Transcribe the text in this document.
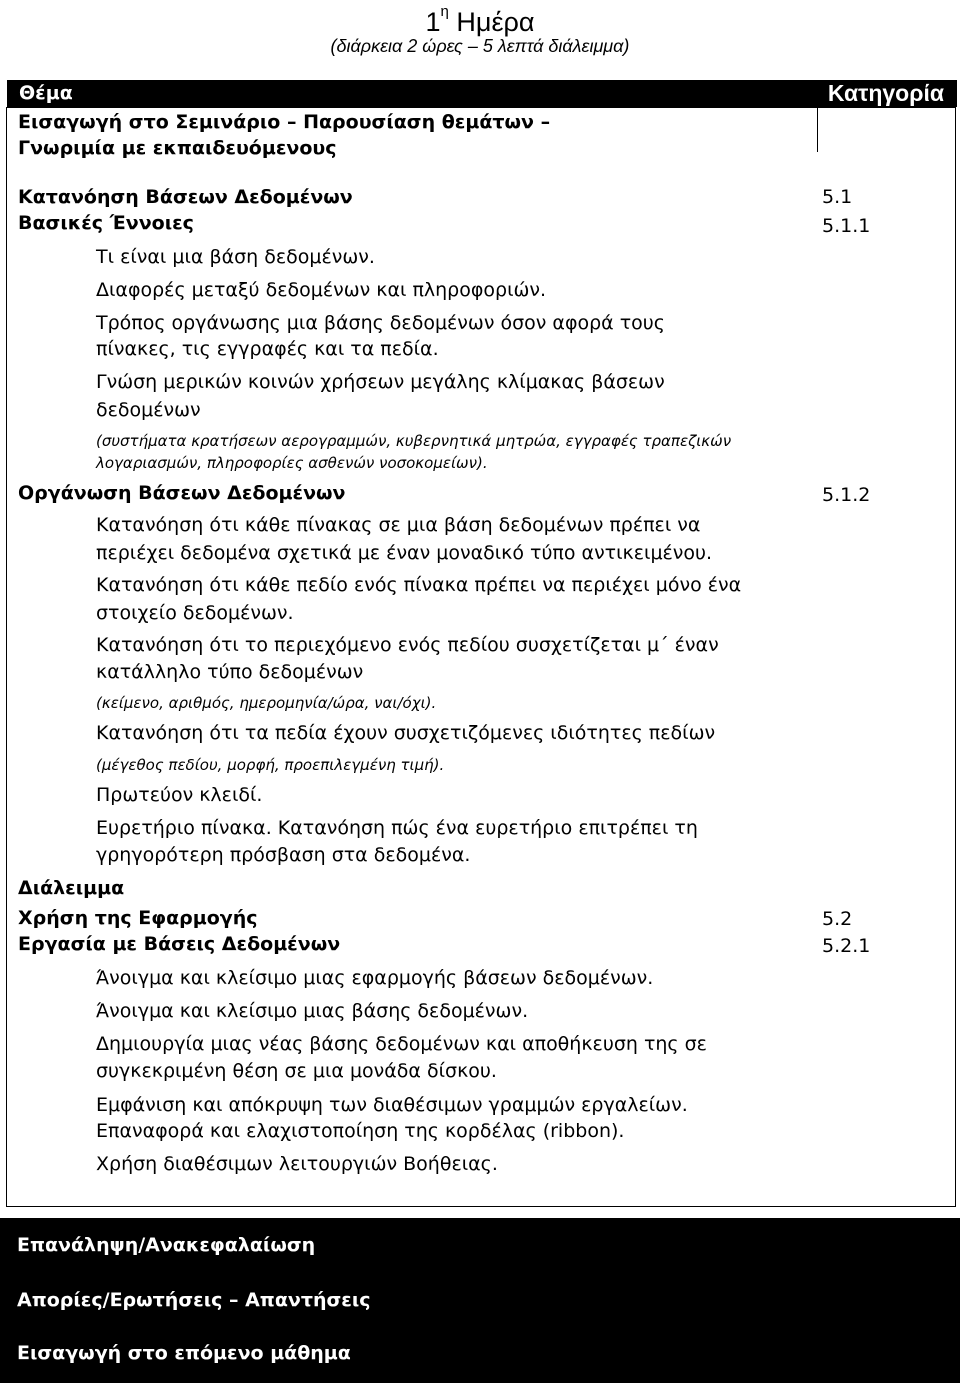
$1^\eta$ Ημέρα
(διάρκεια 2 ώρες – 5 λεπτά διάλειμμα)
Θέμα	Κατηγορία
Εισαγωγή στο Σεμινάριο – Παρουσίαση θεμάτων –
Γνωριμία με εκπαιδευόμενους
Κατανόηση Βάσεων Δεδομένων
Βασικές Έννοιες
5.1
5.1.1
Τι είναι μια βάση δεδομένων.
Διαφορές μεταξύ δεδομένων και πληροφοριών.
Τρόπος οργάνωσης μια βάσης δεδομένων όσον αφορά τους
πίνακες, τις εγγραφές και τα πεδία.
Γνώση μερικών κοινών χρήσεων μεγάλης κλίμακας βάσεων
δεδομένων
(συστήματα κρατήσεων αερογραμμών, κυβερνητικά μητρώα, εγγραφές τραπεζικών
λογαριασμών, πληροφορίες ασθενών νοσοκομείων).
Οργάνωση Βάσεων Δεδομένων	5.1.2
Κατανόηση ότι κάθε πίνακας σε μια βάση δεδομένων πρέπει να
περιέχει δεδομένα σχετικά με έναν μοναδικό τύπο αντικειμένου.
Κατανόηση ότι κάθε πεδίο ενός πίνακα πρέπει να περιέχει μόνο ένα
στοιχείο δεδομένων.
Κατανόηση ότι το περιεχόμενο ενός πεδίου συσχετίζεται μ΄ έναν
κατάλληλο τύπο δεδομένων
(κείμενο, αριθμός, ημερομηνία/ώρα, ναι/όχι).
Κατανόηση ότι τα πεδία έχουν συσχετιζόμενες ιδιότητες πεδίων
(μέγεθος πεδίου, μορφή, προεπιλεγμένη τιμή).
Πρωτεύον κλειδί.
Ευρετήριο πίνακα. Κατανόηση πώς ένα ευρετήριο επιτρέπει τη
γρηγορότερη πρόσβαση στα δεδομένα.
Διάλειμμα
Χρήση της Εφαρμογής
Εργασία με Βάσεις Δεδομένων
5.2
5.2.1
Άνοιγμα και κλείσιμο μιας εφαρμογής βάσεων δεδομένων.
Άνοιγμα και κλείσιμο μιας βάσης δεδομένων.
Δημιουργία μιας νέας βάσης δεδομένων και αποθήκευση της σε
συγκεκριμένη θέση σε μια μονάδα δίσκου.
Εμφάνιση και απόκρυψη των διαθέσιμων γραμμών εργαλείων.
Επαναφορά και ελαχιστοποίηση της κορδέλας (ribbon).
Χρήση διαθέσιμων λειτουργιών Βοήθειας.
Επανάληψη/Ανακεφαλαίωση
Απορίες/Ερωτήσεις – Απαντήσεις
Εισαγωγή στο επόμενο μάθημα
